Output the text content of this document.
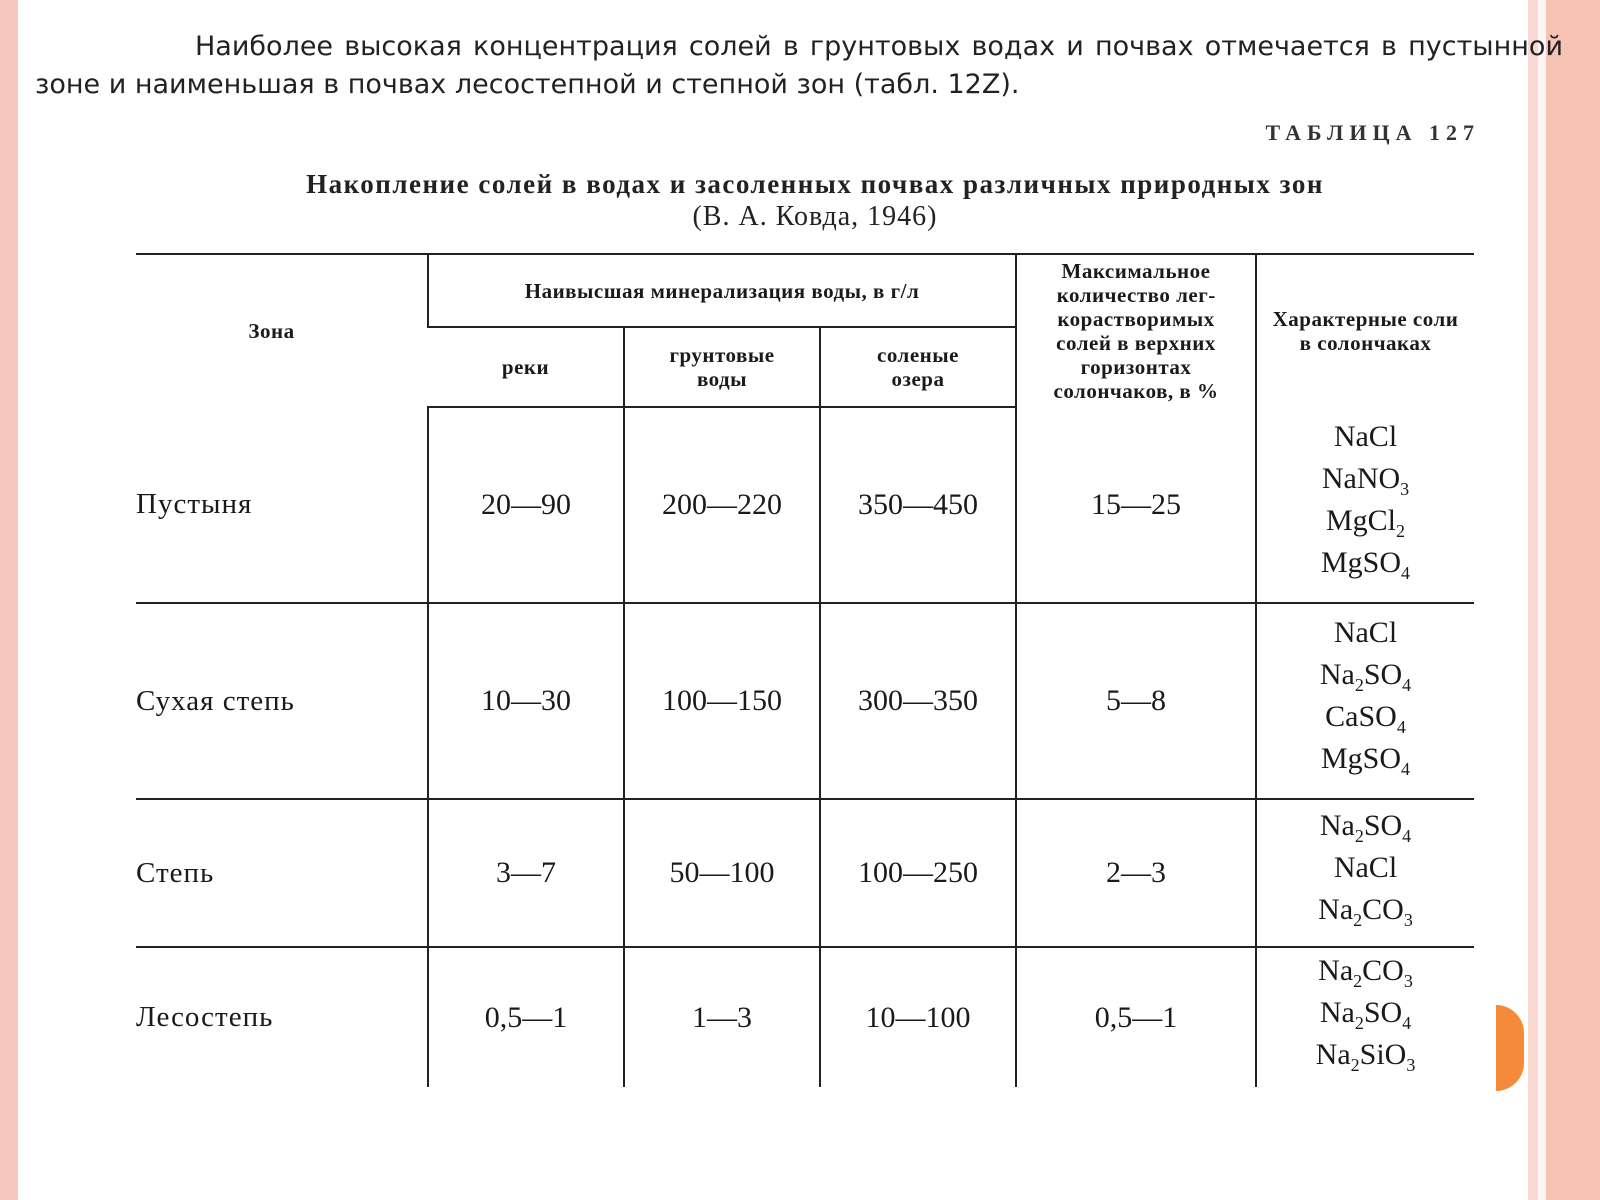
Наиболее высокая концентрация солей в грунтовых водах и почвах отмечается в пустынной зоне и наименьшая в почвах лесостепной и степной зон (табл. 12Z).

ТАБЛИЦА 127
Накопление солей в водах и засоленных почвах различных природных зон
(В. А. Ковда, 1946)
Зона	Наивысшая минерализация воды, в г/л			Максимальное количество легкорастворимых солей в верхних горизонтах солончаков, в %	Характерные соли в солончаках
	реки	грунтовые воды	соленые озера		
Пустыня	20—90	200—220	350—450	15—25	NaCl
NaNO$_3$
MgCl$_2$
MgSO$_4$

Сухая степь	10—30	100—150	300—350	5—8	NaCl
$Na_2SO_4$
CaSO$_4$
MgSO$_4$

Степь	3—7	50—100	100—250	2—3	$Na_2SO_4$
NaCl
$Na_2CO_3$

Лесостепь	0,5—1	1—3	10—100	0,5—1	$Na_2CO_3$
$Na_2SO_4$
$Na_2SiO_3$
